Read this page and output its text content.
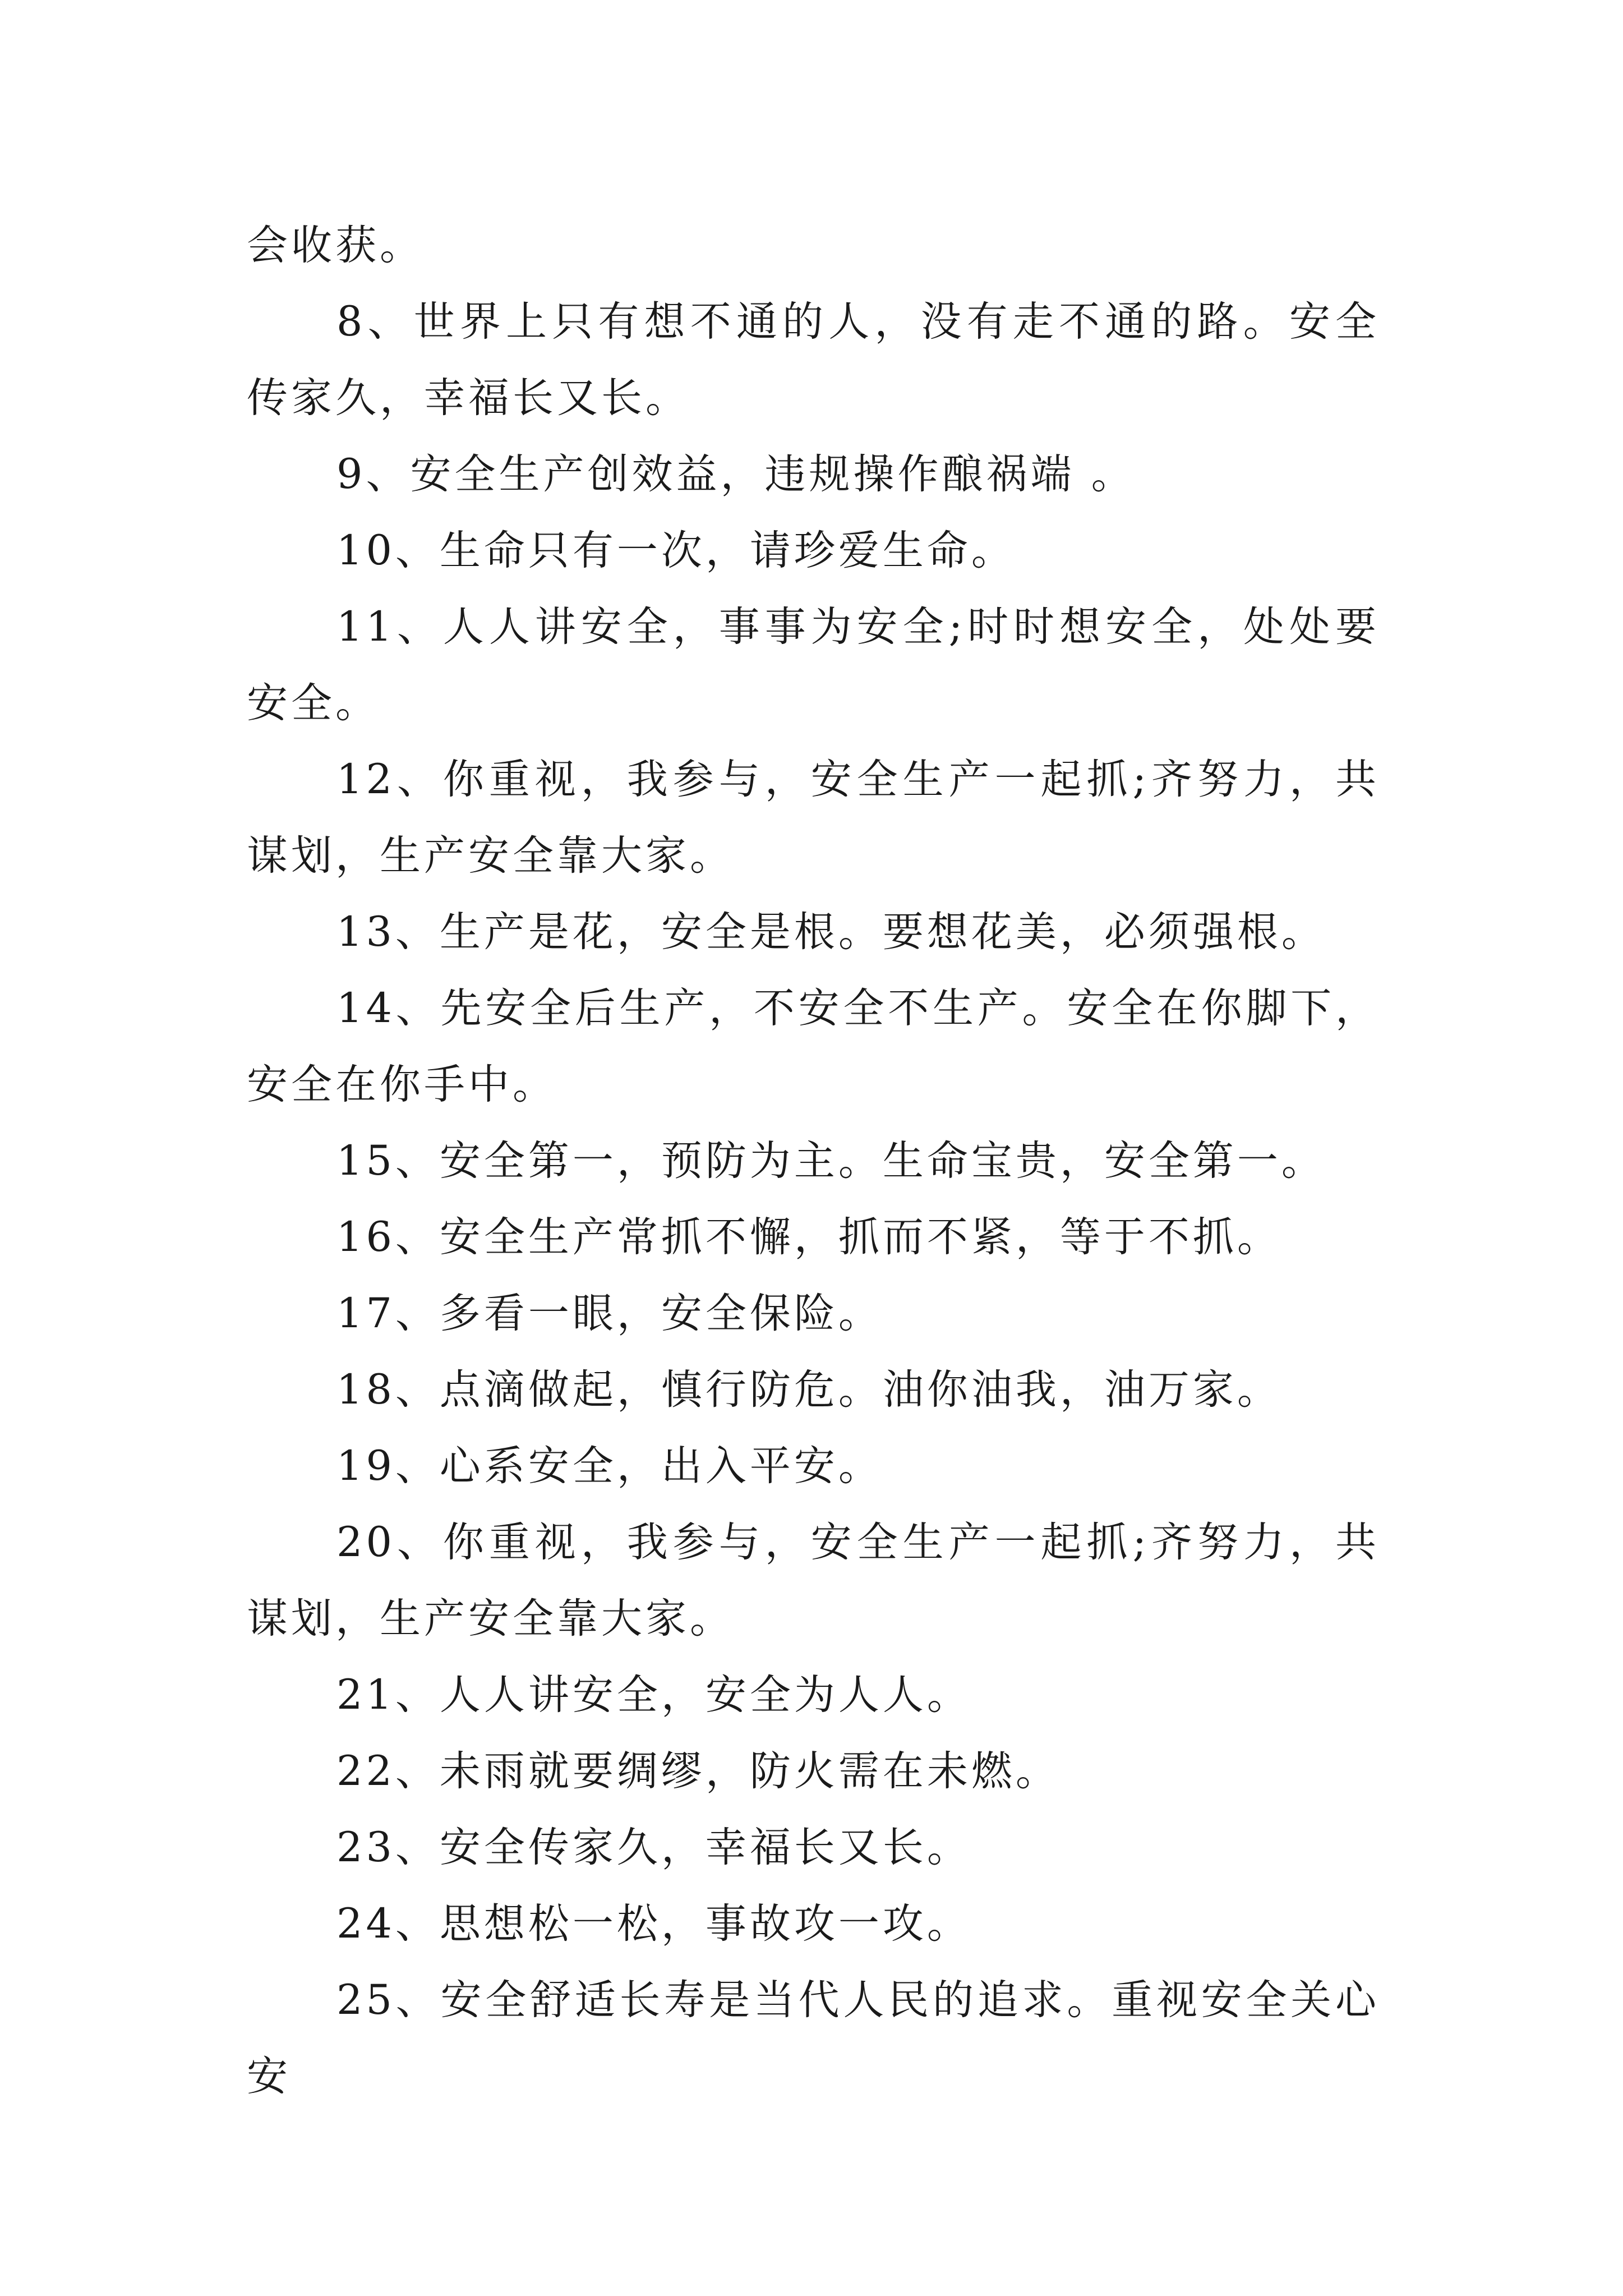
会收获。

8、世界上只有想不通的人，没有走不通的路。安全传家久，幸福长又长。

9、安全生产创效益，违规操作酿祸端 。

10、生命只有一次，请珍爱生命。

11、人人讲安全，事事为安全;时时想安全，处处要安全。

12、你重视，我参与，安全生产一起抓;齐努力，共谋划，生产安全靠大家。

13、生产是花，安全是根。要想花美，必须强根。

14、先安全后生产，不安全不生产。安全在你脚下，安全在你手中。

15、安全第一，预防为主。生命宝贵，安全第一。

16、安全生产常抓不懈，抓而不紧，等于不抓。

17、多看一眼，安全保险。

18、点滴做起，慎行防危。油你油我，油万家。

19、心系安全，出入平安。

20、你重视，我参与，安全生产一起抓;齐努力，共谋划，生产安全靠大家。

21、人人讲安全，安全为人人。

22、未雨就要绸缪，防火需在未燃。

23、安全传家久，幸福长又长。

24、思想松一松，事故攻一攻。

25、安全舒适长寿是当代人民的追求。重视安全关心安
